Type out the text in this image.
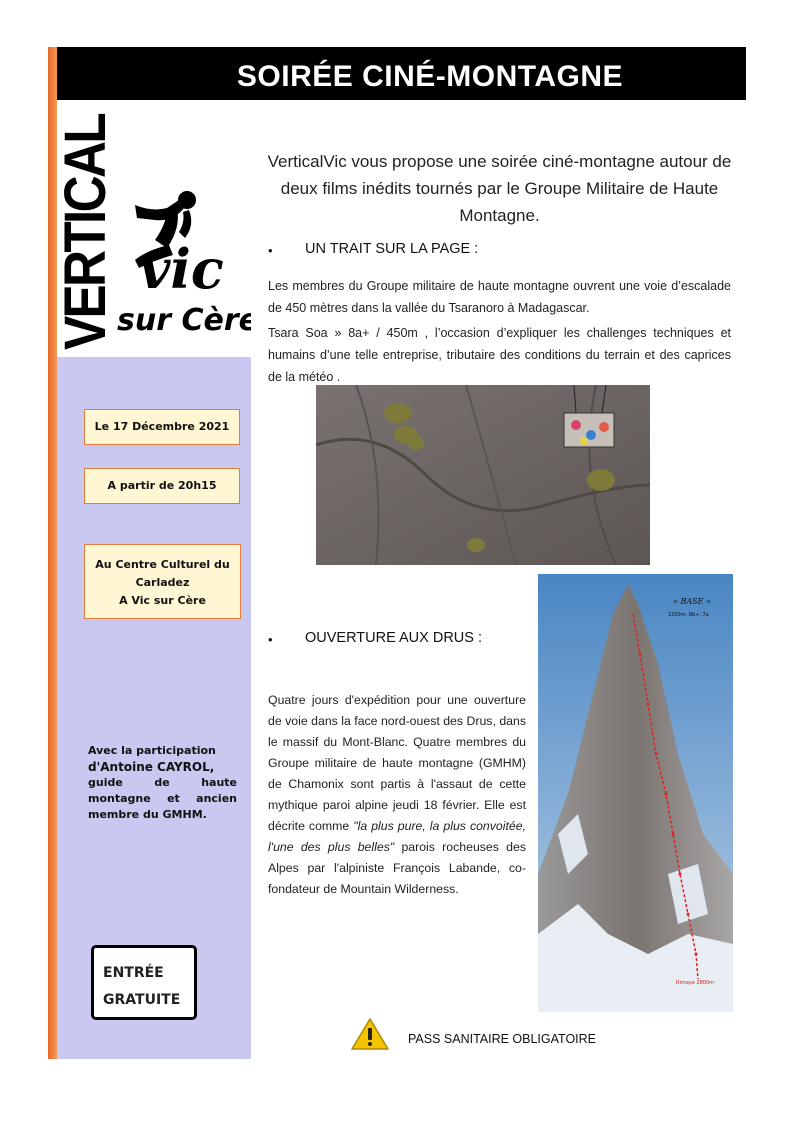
SOIRÉE CINÉ-MONTAGNE
VERTICAL vic
sur Cère
Le 17 Décembre 2021
A partir de 20h15
Au Centre Culturel du
Carladez
A Vic sur Cère
Avec la participation
d'Antoine CAYROL,
guide de haute montagne et ancien membre du GMHM.
ENTRÉE
GRATUITE
VerticalVic vous propose une soirée ciné-montagne autour de deux films inédits tournés par le Groupe Militaire de Haute Montagne.
• UN TRAIT SUR LA PAGE :
Les membres du Groupe militaire de haute montagne ouvrent une voie d’escalade de 450 mètres dans la vallée du Tsaranoro à Madagascar.
Tsara Soa » 8a+ / 450m , l’occasion d’expliquer les challenges techniques et humains d’une telle entreprise, tributaire des conditions du terrain et des caprices de la météo .
• OUVERTURE AUX DRUS :
Quatre jours d'expédition pour une ouverture de voie dans la face nord-ouest des Drus, dans le massif du Mont-Blanc. Quatre membres du Groupe militaire de haute montagne (GMHM) de Chamonix sont partis à l'assaut de cette mythique paroi alpine jeudi 18 février. Elle est décrite comme "la plus pure, la plus convoitée, l'une des plus belles" parois rocheuses des Alpes par l'alpiniste François Labande, co-fondateur de Mountain Wilderness.
« BASE »
1200m, 8b+, 7a
Rimaye 2800m
PASS SANITAIRE OBLIGATOIRE
